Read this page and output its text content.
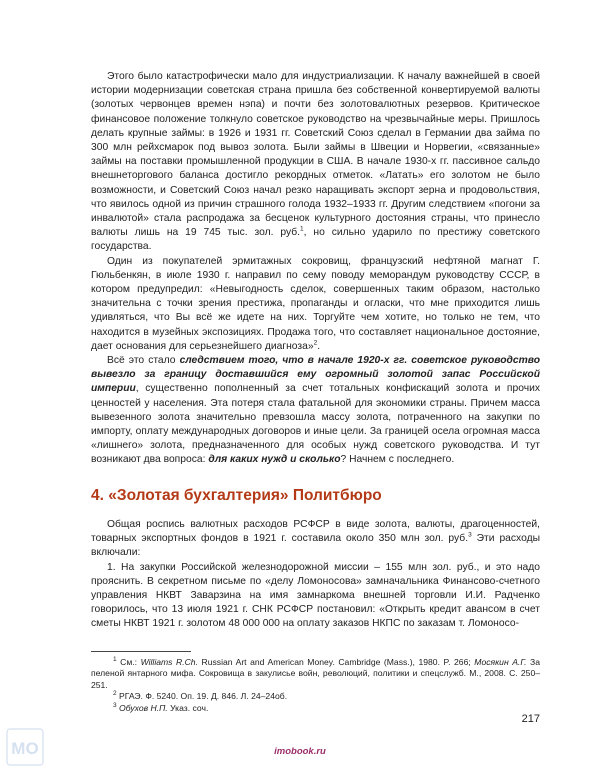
Этого было катастрофически мало для индустриализации. К началу важнейшей в своей истории модернизации советская страна пришла без собственной конвертируемой валюты (золотых червонцев времен нэпа) и почти без золотовалютных резервов. Критическое финансовое положение толкнуло советское руководство на чрезвычайные меры. Пришлось делать крупные займы: в 1926 и 1931 гг. Советский Союз сделал в Германии два займа по 300 млн рейхсмарок под вывоз золота. Были займы в Швеции и Норвегии, «связанные» займы на поставки промышленной продукции в США. В начале 1930-х гг. пассивное сальдо внешнеторгового баланса достигло рекордных отметок. «Латать» его золотом не было возможности, и Советский Союз начал резко наращивать экспорт зерна и продовольствия, что явилось одной из причин страшного голода 1932–1933 гг. Другим следствием «погони за инвалютой» стала распродажа за бесценок культурного достояния страны, что принесло валюты лишь на 19 745 тыс. зол. руб.$^1$, но сильно ударило по престижу советского государства.

Один из покупателей эрмитажных сокровищ, французский нефтяной магнат Г. Гюльбенкян, в июле 1930 г. направил по сему поводу меморандум руководству СССР, в котором предупредил: «Невыгодность сделок, совершенных таким образом, настолько значительна с точки зрения престижа, пропаганды и огласки, что мне приходится лишь удивляться, что Вы всё же идете на них. Торгуйте чем хотите, но только не тем, что находится в музейных экспозициях. Продажа того, что составляет национальное достояние, дает основания для серьезнейшего диагноза»$^2$.

Всё это стало следствием того, что в начале 1920-х гг. советское руководство вывезло за границу доставшийся ему огромный золотой запас Российской империи, существенно пополненный за счет тотальных конфискаций золота и прочих ценностей у населения. Эта потеря стала фатальной для экономики страны. Причем масса вывезенного золота значительно превзошла массу золота, потраченного на закупки по импорту, оплату международных договоров и иные цели. За границей осела огромная масса «лишнего» золота, предназначенного для особых нужд советского руководства. И тут возникают два вопроса: для каких нужд и сколько? Начнем с последнего.

4. «Золотая бухгалтерия» Политбюро

Общая роспись валютных расходов РСФСР в виде золота, валюты, драгоценностей, товарных экспортных фондов в 1921 г. составила около 350 млн зол. руб.$^3$ Эти расходы включали:

1. На закупки Российской железнодорожной миссии – 155 млн зол. руб., и это надо прояснить. В секретном письме по «делу Ломоносова» замначальника Финансово-счетного управления НКВТ Заварзина на имя замнаркома внешней торговли И.И. Радченко говорилось, что 13 июля 1921 г. СНК РСФСР постановил: «Открыть кредит авансом в счет сметы НКВТ 1921 г. золотом 48 000 000 на оплату заказов НКПС по заказам т. Ломоносо-

$^1$ См.: Williams R.Ch. Russian Art and American Money. Cambridge (Mass.), 1980. P. 266; Мосякин А.Г. За пеленой янтарного мифа. Сокровища в закулисье войн, революций, политики и спецслужб. М., 2008. С. 250–251.

$^2$ РГАЭ. Ф. 5240. Оп. 19. Д. 846. Л. 24–24об.

$^3$ Обухов Н.П. Указ. соч.

217
imobook.ru
МО
